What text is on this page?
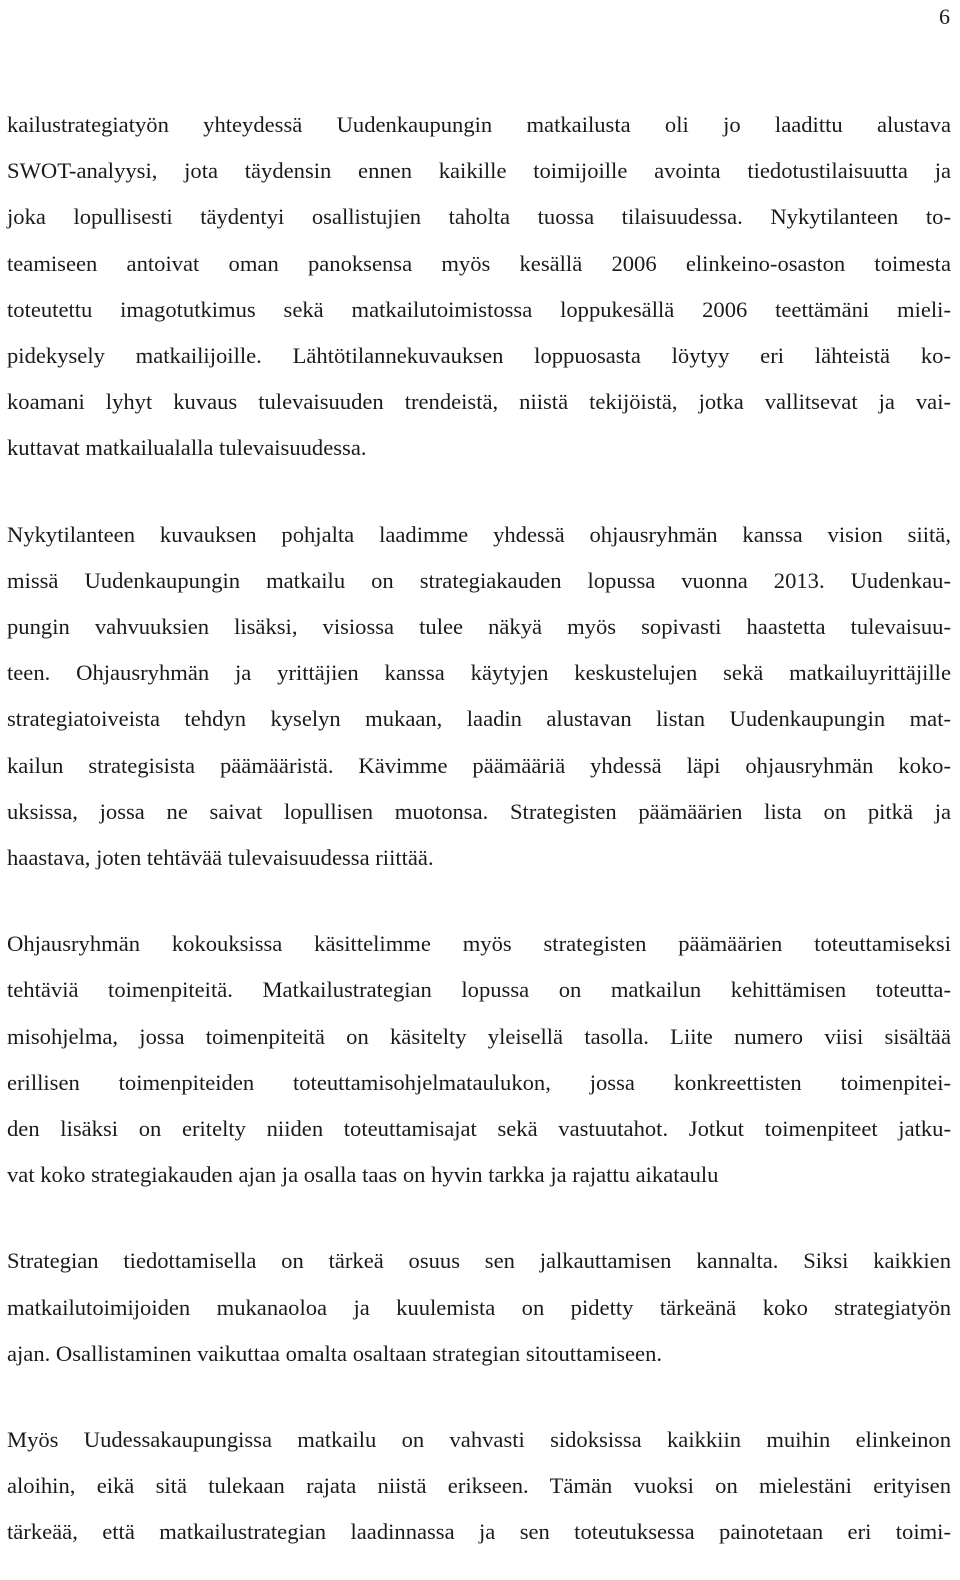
6

kailustrategiatyön yhteydessä Uudenkaupungin matkailusta oli jo laadittu alustava
SWOT-analyysi, jota täydensin ennen kaikille toimijoille avointa tiedotustilaisuutta ja
joka lopullisesti täydentyi osallistujien taholta tuossa tilaisuudessa. Nykytilanteen to-
teamiseen antoivat oman panoksensa myös kesällä 2006 elinkeino-osaston toimesta
toteutettu imagotutkimus sekä matkailutoimistossa loppukesällä 2006 teettämäni mieli-
pidekysely matkailijoille. Lähtötilannekuvauksen loppuosasta löytyy eri lähteistä ko-
koamani lyhyt kuvaus tulevaisuuden trendeistä, niistä tekijöistä, jotka vallitsevat ja vai-
kuttavat matkailualalla tulevaisuudessa.

Nykytilanteen kuvauksen pohjalta laadimme yhdessä ohjausryhmän kanssa vision siitä,
missä Uudenkaupungin matkailu on strategiakauden lopussa vuonna 2013. Uudenkau-
pungin vahvuuksien lisäksi, visiossa tulee näkyä myös sopivasti haastetta tulevaisuu-
teen. Ohjausryhmän ja yrittäjien kanssa käytyjen keskustelujen sekä matkailuyrittäjille
strategiatoiveista tehdyn kyselyn mukaan, laadin alustavan listan Uudenkaupungin mat-
kailun strategisista päämääristä. Kävimme päämääriä yhdessä läpi ohjausryhmän koko-
uksissa, jossa ne saivat lopullisen muotonsa. Strategisten päämäärien lista on pitkä ja
haastava, joten tehtävää tulevaisuudessa riittää.

Ohjausryhmän kokouksissa käsittelimme myös strategisten päämäärien toteuttamiseksi
tehtäviä toimenpiteitä. Matkailustrategian lopussa on matkailun kehittämisen toteutta-
misohjelma, jossa toimenpiteitä on käsitelty yleisellä tasolla. Liite numero viisi sisältää
erillisen toimenpiteiden toteuttamisohjelmataulukon, jossa konkreettisten toimenpitei-
den lisäksi on eritelty niiden toteuttamisajat sekä vastuutahot. Jotkut toimenpiteet jatku-
vat koko strategiakauden ajan ja osalla taas on hyvin tarkka ja rajattu aikataulu

Strategian tiedottamisella on tärkeä osuus sen jalkauttamisen kannalta. Siksi kaikkien
matkailutoimijoiden mukanaoloa ja kuulemista on pidetty tärkeänä koko strategiatyön
ajan. Osallistaminen vaikuttaa omalta osaltaan strategian sitouttamiseen.

Myös Uudessakaupungissa matkailu on vahvasti sidoksissa kaikkiin muihin elinkeinon
aloihin, eikä sitä tulekaan rajata niistä erikseen. Tämän vuoksi on mielestäni erityisen
tärkeää, että matkailustrategian laadinnassa ja sen toteutuksessa painotetaan eri toimi-
